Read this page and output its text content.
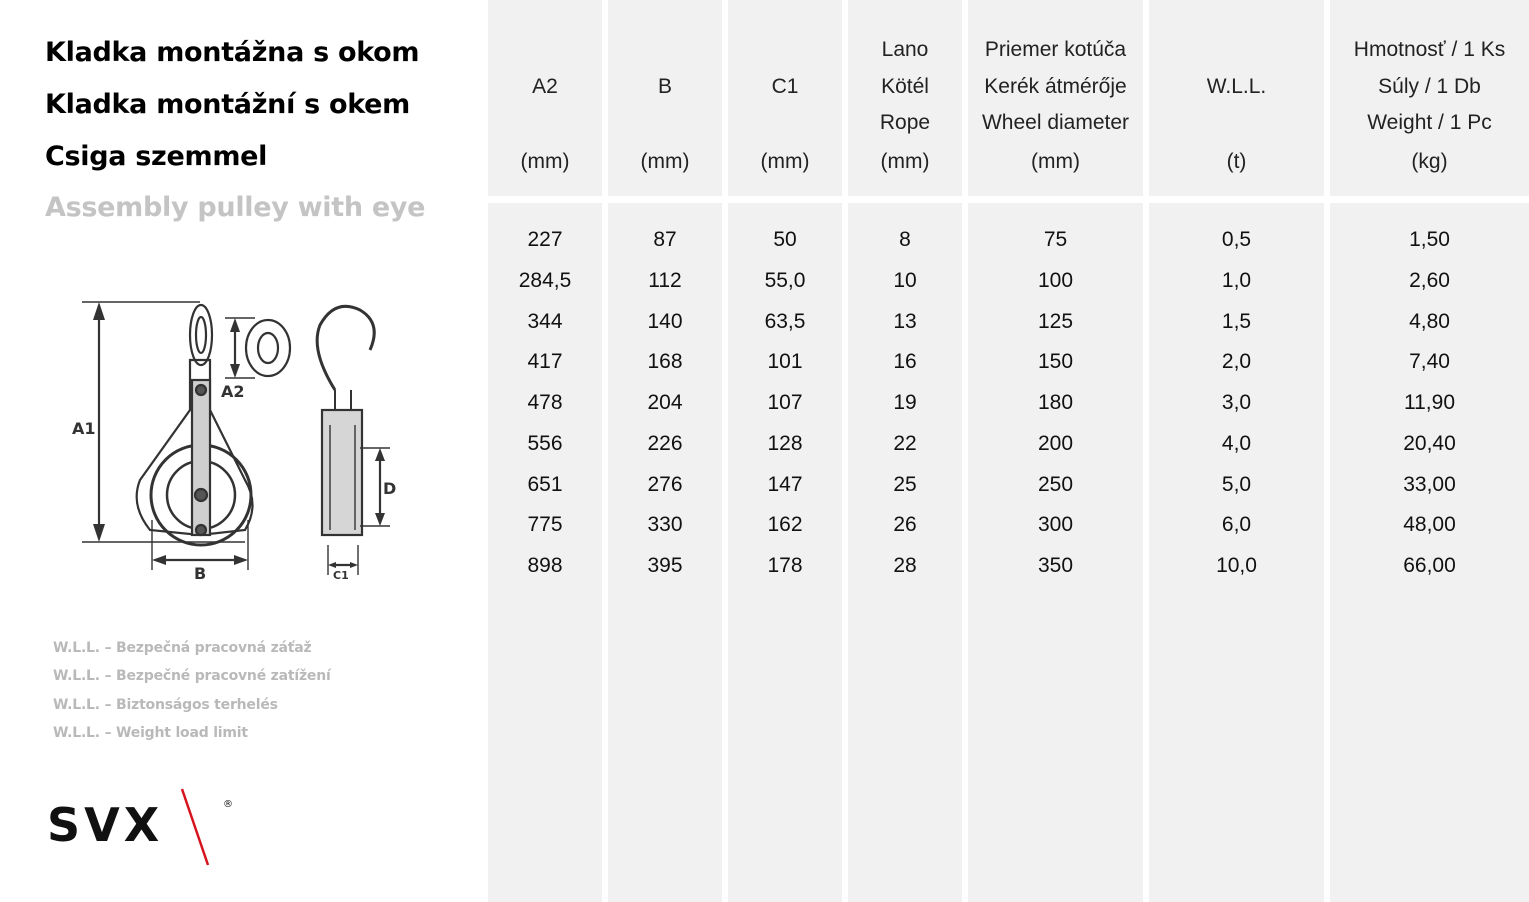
Kladka montážna s okom
Kladka montážní s okem
Csiga szemmel
Assembly pulley with eye
A1
A2
B	C1
D
W.L.L. – Bezpečná pracovná záťaž
W.L.L. – Bezpečné pracovné zatížení
W.L.L. – Biztonságos terhelés
W.L.L. – Weight load limit
SVX	®
A2
(mm)
227
284,5
344
417
478
556
651
775
898
B
(mm)
87
112
140
168
204
226
276
330
395
C1
(mm)
50
55,0
63,5
101
107
128
147
162
178
Lano
Kötél
Rope
(mm)
8
10
13
16
19
22
25
26
28
Priemer kotúča
Kerék átmérője
Wheel diameter
(mm)
75
100
125
150
180
200
250
300
350
W.L.L.
(t)
0,5
1,0
1,5
2,0
3,0
4,0
5,0
6,0
10,0
Hmotnosť / 1 Ks
Súly / 1 Db
Weight / 1 Pc
(kg)
1,50
2,60
4,80
7,40
11,90
20,40
33,00
48,00
66,00
